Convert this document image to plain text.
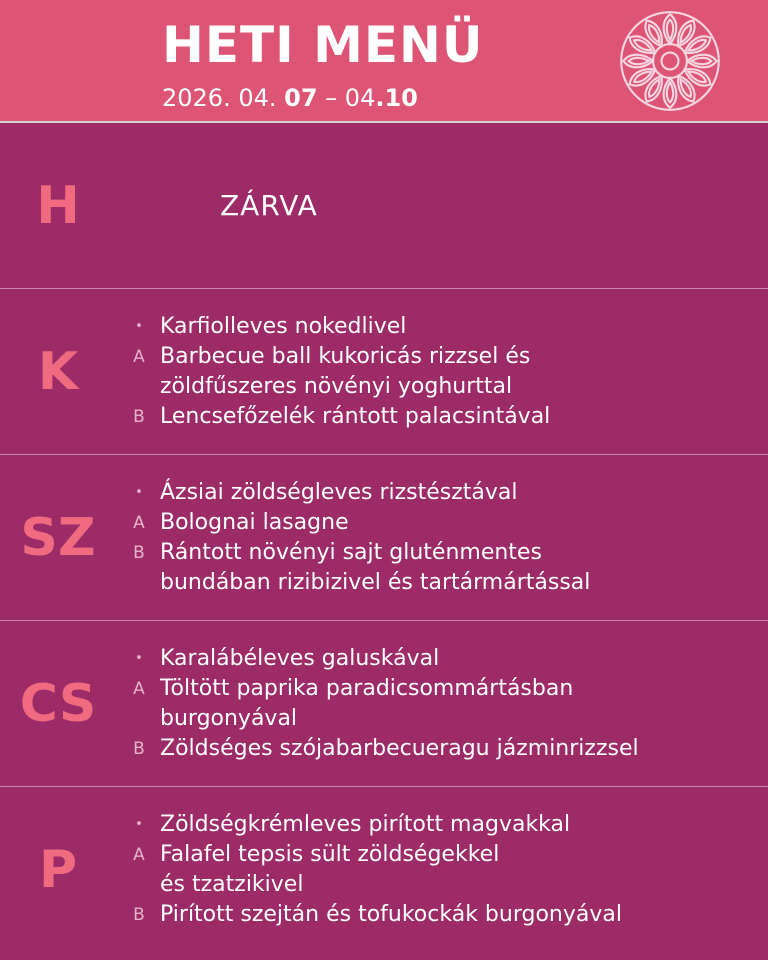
HETI MENÜ
2026. 04. 07 – 04.10
H	ZÁRVA
K
• Karfiolleves nokedlivel
A Barbecue ball kukoricás rizzsel és
zöldfűszeres növényi yoghurttal
B Lencsefőzelék rántott palacsintával
SZ
• Ázsiai zöldségleves rizstésztával
A Bolognai lasagne
B Rántott növényi sajt gluténmentes
bundában rizibizivel és tartármártással
CS
• Karalábéleves galuskával
A Töltött paprika paradicsommártásban
burgonyával
B Zöldséges szójabarbecueragu jázminrizzsel
P
• Zöldségkrémleves pirított magvakkal
A Falafel tepsis sült zöldségekkel
és tzatzikivel
B Pirított szejtán és tofukockák burgonyával
